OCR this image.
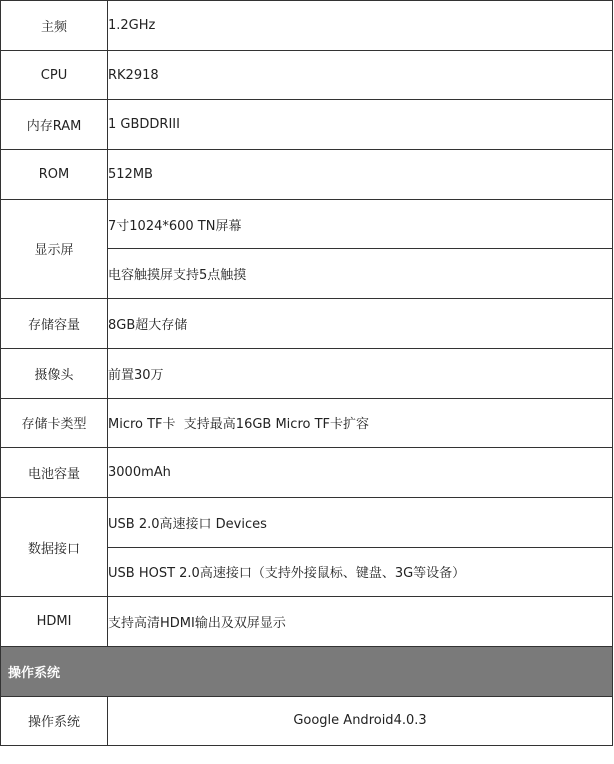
主频	1.2GHz
CPU	RK2918
内存RAM	1 GBDDRIII
ROM	512MB
显示屏	7寸1024*600 TN屏幕
	电容触摸屏支持5点触摸
存储容量	8GB超大存储
摄像头	前置30万
存储卡类型	Micro TF卡  支持最高16GB Micro TF卡扩容
电池容量	3000mAh
数据接口	USB 2.0高速接口 Devices
	USB HOST 2.0高速接口（支持外接鼠标、键盘、3G等设备）
HDMI	支持高清HDMI输出及双屏显示
操作系统	
操作系统	Google Android4.0.3
